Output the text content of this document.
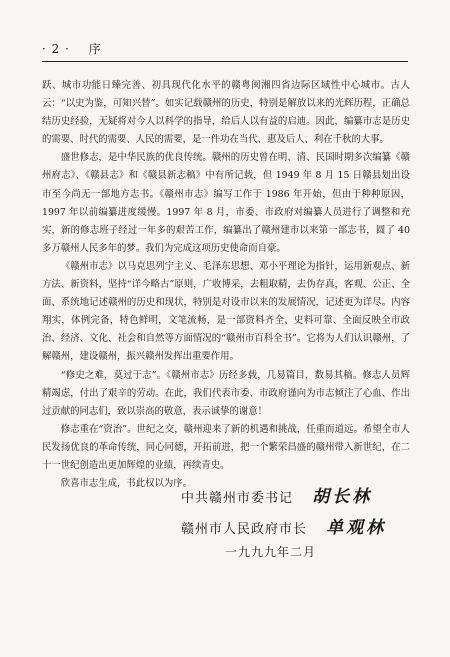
· 2 · 序

跃、城市功能日臻完善、初具现代化水平的赣粤闽湘四省边际区域性中心城市。古人云：“以史为鉴，可知兴替”。如实记载赣州的历史，特别是解放以来的光辉历程，正确总结历史经验，无疑将对今人以科学的指导，给后人以有益的启迪。因此，编纂市志是历史的需要、时代的需要、人民的需要，是一件功在当代、惠及后人、利在千秋的大事。

盛世修志，是中华民族的优良传统。赣州的历史曾在明、清、民国时期多次编纂《赣州府志》、《赣县志》和《赣县新志稿》中有所记载，但 1949 年 8 月 15 日赣县划出设市至今尚无一部地方志书。《赣州市志》编写工作于 1986 年开始，但由于种种原因，1997 年以前编纂进度缓慢。1997 年 8 月，市委、市政府对编纂人员进行了调整和充实，新的修志班子经过一年多的艰苦工作，编纂出了赣州建市以来第一部志书，圆了 40 多万赣州人民多年的梦。我们为完成这项历史使命而自豪。

《赣州市志》以马克思列宁主义、毛泽东思想、邓小平理论为指针，运用新观点、新方法、新资料，坚持“详今略古”原则，广收博采，去粗取精，去伪存真，客观、公正、全面、系统地记述赣州的历史和现状，特别是对设市以来的发展情况，记述更为详尽。内容翔实，体例完备，特色鲜明，文笔流畅，是一部资料齐全、史料可靠、全面反映全市政治、经济、文化、社会和自然等方面情况的“赣州市百科全书”。它将为人们认识赣州，了解赣州，建设赣州，振兴赣州发挥出重要作用。

“修史之难，莫过于志”。《赣州市志》历经多载，几易篇目，数易其稿。修志人员辉精竭虑，付出了艰辛的劳动。在此，我们代表市委、市政府谨向为市志倾注了心血、作出过贡献的同志们，致以崇高的敬意，表示诚挚的谢意！

修志重在“资治”。世纪之交，赣州迎来了新的机遇和挑战，任重而道远。希望全市人民发扬优良的革命传统，同心同德，开拓前进，把一个繁荣昌盛的赣州带入新世纪，在二十一世纪创造出更加辉煌的业绩，再续青史。

欣喜市志生成，书此权以为序。

中共赣州市委书记 胡长林
赣州市人民政府市长 单观林
一九九九年二月
